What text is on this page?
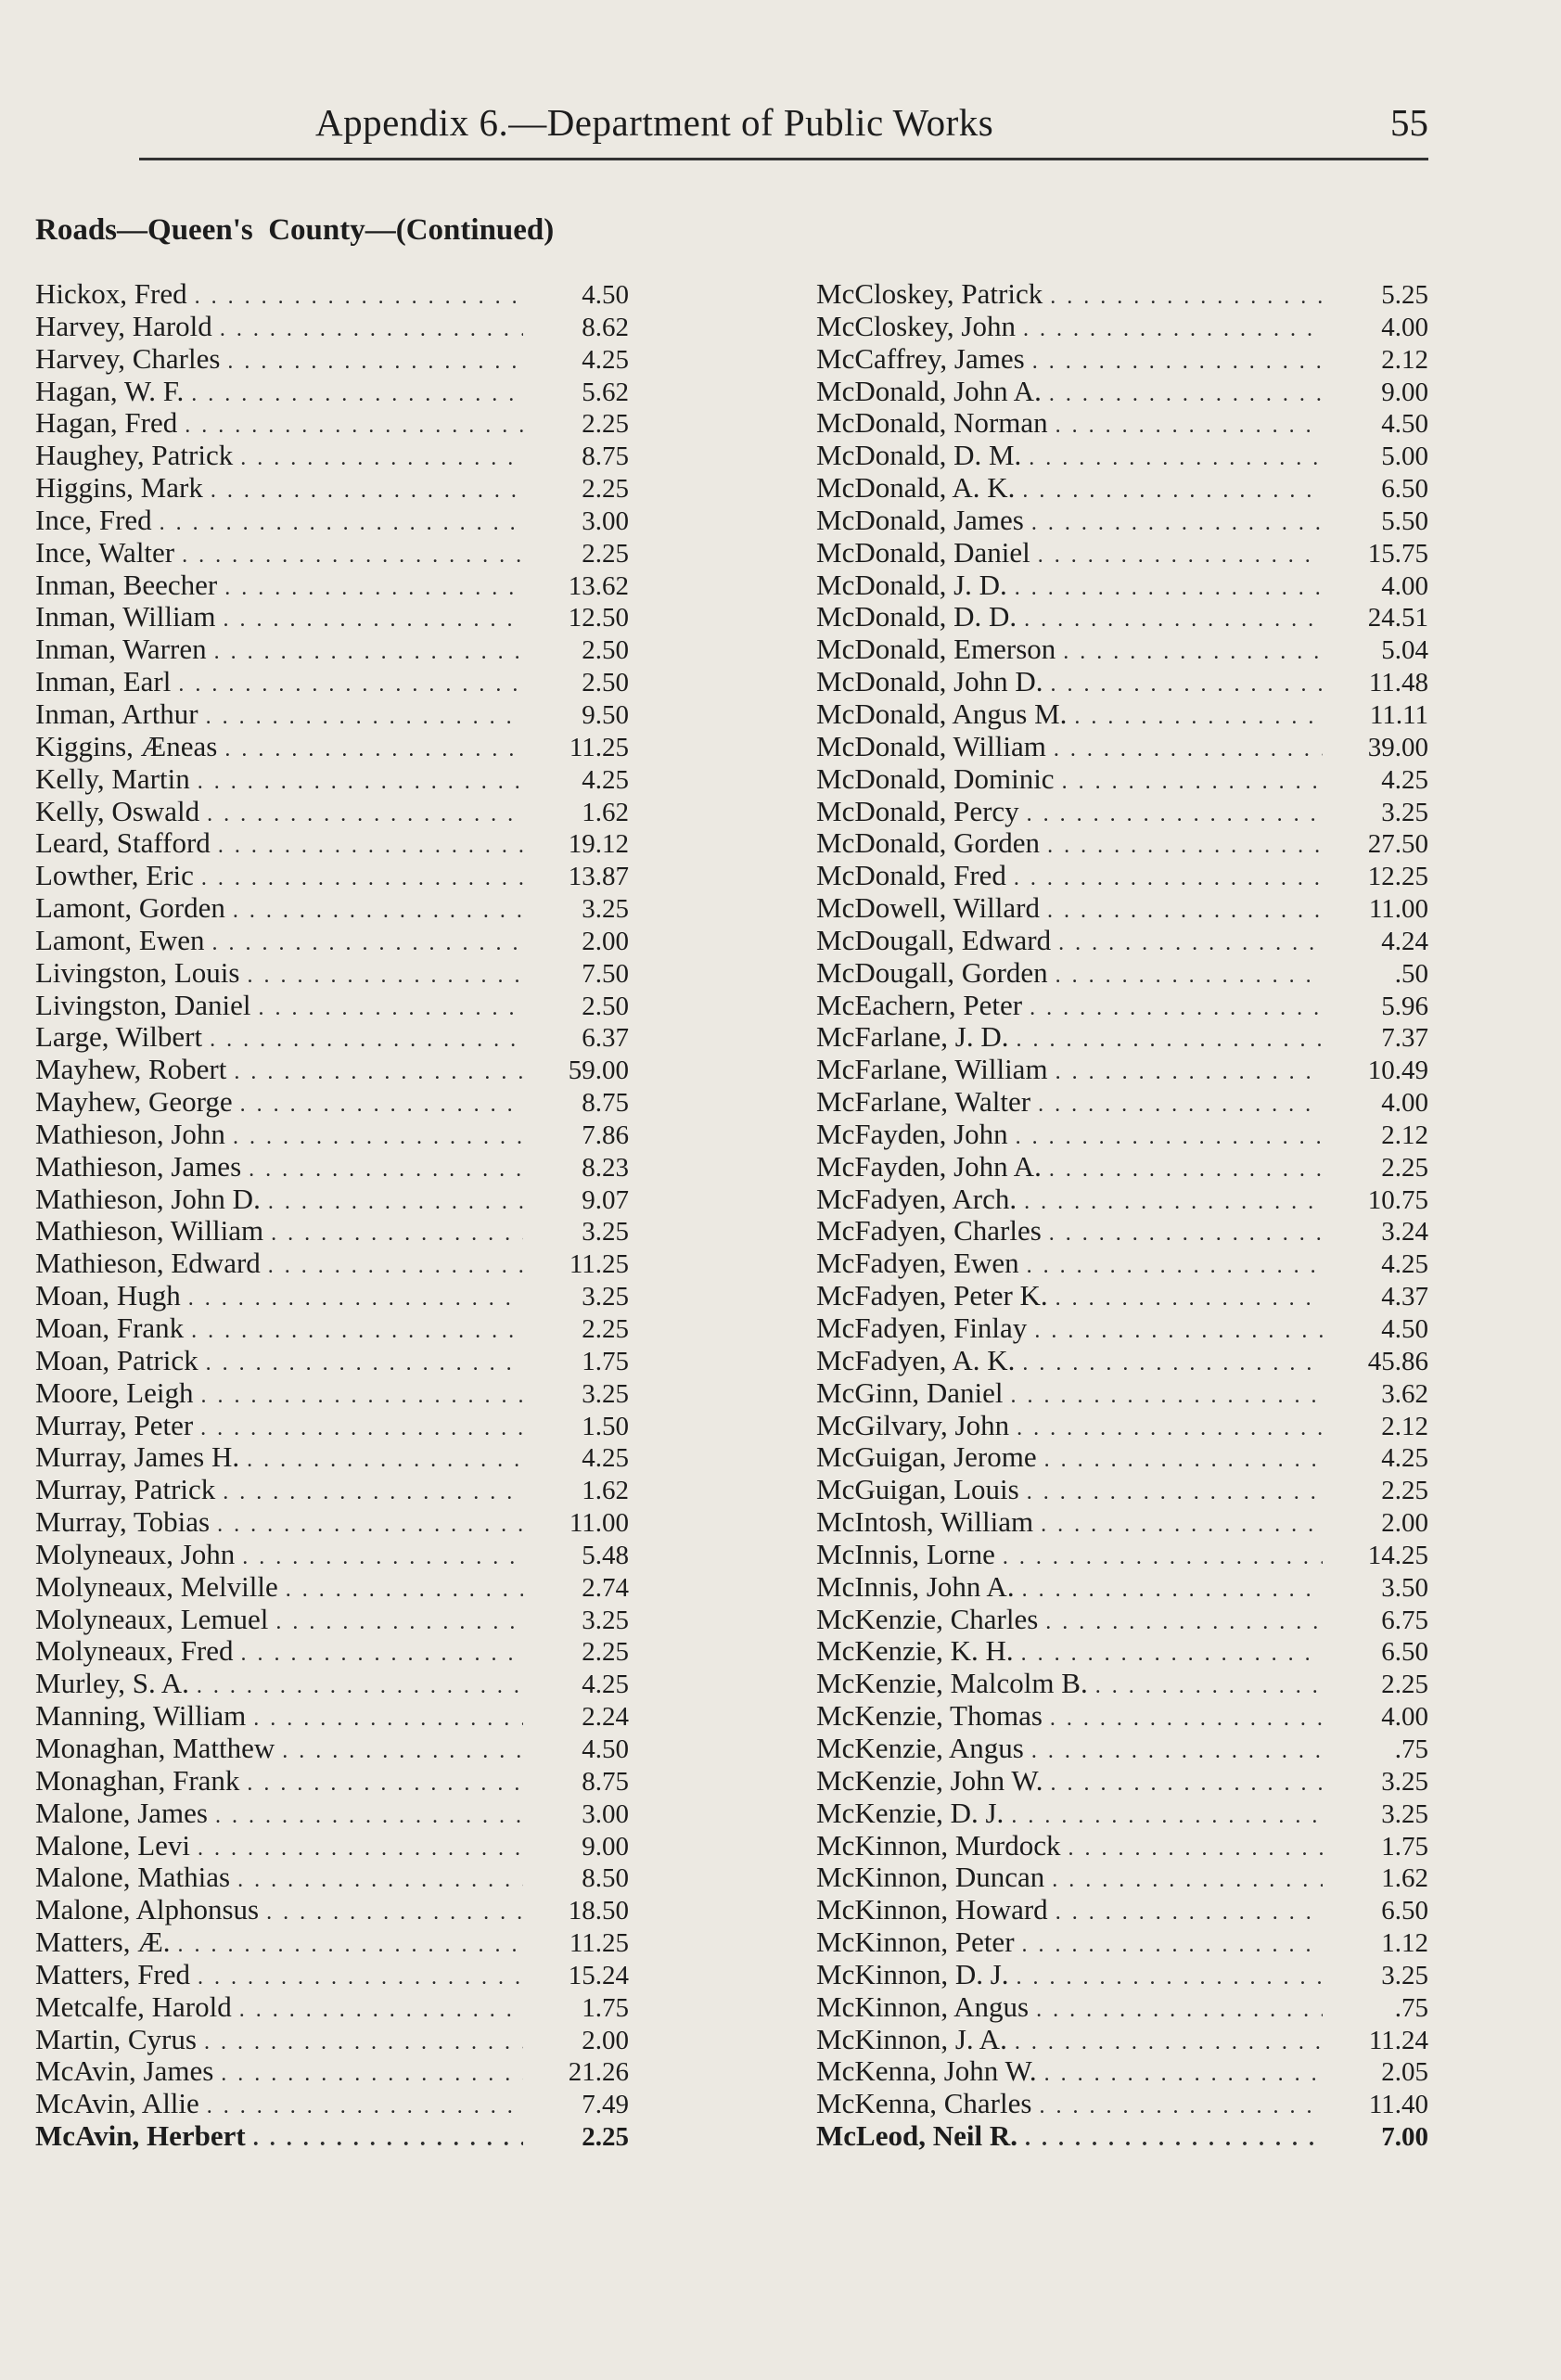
Appendix 6.—Department of Public Works	55
Roads—Queen's  County—(Continued)
Hickox, Fred . . .	4.50
Harvey, Harold . . .	8.62
Harvey, Charles . . .	4.25
Hagan, W. F. . . .	5.62
Hagan, Fred . . .	2.25
Haughey, Patrick . . .	8.75
Higgins, Mark . . .	2.25
Ince, Fred . . .	3.00
Ince, Walter . . .	2.25
Inman, Beecher . . .	13.62
Inman, William . . .	12.50
Inman, Warren . . .	2.50
Inman, Earl . . .	2.50
Inman, Arthur . . .	9.50
Kiggins, Æneas . . .	11.25
Kelly, Martin . . .	4.25
Kelly, Oswald . . .	1.62
Leard, Stafford . . .	19.12
Lowther, Eric . . .	13.87
Lamont, Gorden . . .	3.25
Lamont, Ewen . . .	2.00
Livingston, Louis . . .	7.50
Livingston, Daniel . . .	2.50
Large, Wilbert . . .	6.37
Mayhew, Robert . . .	59.00
Mayhew, George . . .	8.75
Mathieson, John . . .	7.86
Mathieson, James . . .	8.23
Mathieson, John D. . . .	9.07
Mathieson, William . . .	3.25
Mathieson, Edward . . .	11.25
Moan, Hugh . . .	3.25
Moan, Frank . . .	2.25
Moan, Patrick . . .	1.75
Moore, Leigh . . .	3.25
Murray, Peter . . .	1.50
Murray, James H. . . .	4.25
Murray, Patrick . . .	1.62
Murray, Tobias . . .	11.00
Molyneaux, John . . .	5.48
Molyneaux, Melville . . .	2.74
Molyneaux, Lemuel . . .	3.25
Molyneaux, Fred . . .	2.25
Murley, S. A. . . .	4.25
Manning, William . . .	2.24
Monaghan, Matthew . . .	4.50
Monaghan, Frank . . .	8.75
Malone, James . . .	3.00
Malone, Levi . . .	9.00
Malone, Mathias . . .	8.50
Malone, Alphonsus . . .	18.50
Matters, Æ. . . .	11.25
Matters, Fred . . .	15.24
Metcalfe, Harold . . .	1.75
Martin, Cyrus . . .	2.00
McAvin, James . . .	21.26
McAvin, Allie . . .	7.49
McAvin, Herbert . . .	2.25
McCloskey, Patrick . . .	5.25
McCloskey, John . . .	4.00
McCaffrey, James . . .	2.12
McDonald, John A. . . .	9.00
McDonald, Norman . . .	4.50
McDonald, D. M. . . .	5.00
McDonald, A. K. . . .	6.50
McDonald, James . . .	5.50
McDonald, Daniel . . .	15.75
McDonald, J. D. . . .	4.00
McDonald, D. D. . . .	24.51
McDonald, Emerson . . .	5.04
McDonald, John D. . . .	11.48
McDonald, Angus M. . . .	11.11
McDonald, William . . .	39.00
McDonald, Dominic . . .	4.25
McDonald, Percy . . .	3.25
McDonald, Gorden . . .	27.50
McDonald, Fred . . .	12.25
McDowell, Willard . . .	11.00
McDougall, Edward . . .	4.24
McDougall, Gorden . . .	.50
McEachern, Peter . . .	5.96
McFarlane, J. D. . . .	7.37
McFarlane, William . . .	10.49
McFarlane, Walter . . .	4.00
McFayden, John . . .	2.12
McFayden, John A. . . .	2.25
McFadyen, Arch. . . .	10.75
McFadyen, Charles . . .	3.24
McFadyen, Ewen . . .	4.25
McFadyen, Peter K. . . .	4.37
McFadyen, Finlay . . .	4.50
McFadyen, A. K. . . .	45.86
McGinn, Daniel . . .	3.62
McGilvary, John . . .	2.12
McGuigan, Jerome . . .	4.25
McGuigan, Louis . . .	2.25
McIntosh, William . . .	2.00
McInnis, Lorne . . .	14.25
McInnis, John A. . . .	3.50
McKenzie, Charles . . .	6.75
McKenzie, K. H. . . .	6.50
McKenzie, Malcolm B. . . .	2.25
McKenzie, Thomas . . .	4.00
McKenzie, Angus . . .	.75
McKenzie, John W. . . .	3.25
McKenzie, D. J. . . .	3.25
McKinnon, Murdock . . .	1.75
McKinnon, Duncan . . .	1.62
McKinnon, Howard . . .	6.50
McKinnon, Peter . . .	1.12
McKinnon, D. J. . . .	3.25
McKinnon, Angus . . .	.75
McKinnon, J. A. . . .	11.24
McKenna, John W. . . .	2.05
McKenna, Charles . . .	11.40
McLeod, Neil R. . . .	7.00
